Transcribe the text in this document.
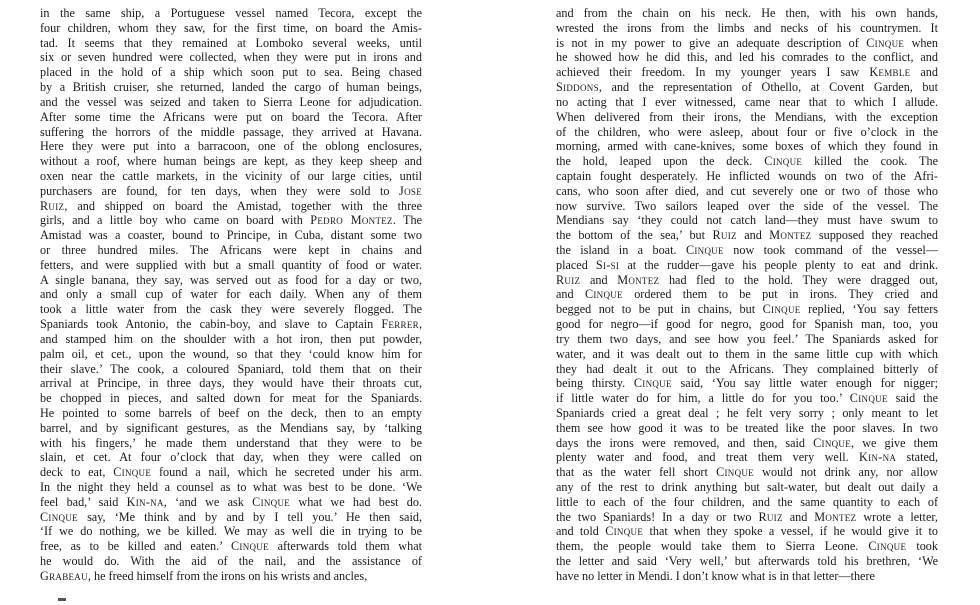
in the same ship, a Portuguese vessel named Tecora, except the
four children, whom they saw, for the first time, on board the Amis-
tad. It seems that they remained at Lomboko several weeks, until
six or seven hundred were collected, when they were put in irons and
placed in the hold of a ship which soon put to sea. Being chased
by a British cruiser, she returned, landed the cargo of human beings,
and the vessel was seized and taken to Sierra Leone for adjudication.
After some time the Africans were put on board the Tecora. After
suffering the horrors of the middle passage, they arrived at Havana.
Here they were put into a barracoon, one of the oblong enclosures,
without a roof, where human beings are kept, as they keep sheep and
oxen near the cattle markets, in the vicinity of our large cities, until
purchasers are found, for ten days, when they were sold to Jose
Ruiz, and shipped on board the Amistad, together with the three
girls, and a little boy who came on board with Pedro Montez. The
Amistad was a coaster, bound to Principe, in Cuba, distant some two
or three hundred miles. The Africans were kept in chains and
fetters, and were supplied with but a small quantity of food or water.
A single banana, they say, was served out as food for a day or two,
and only a small cup of water for each daily. When any of them
took a little water from the cask they were severely flogged. The
Spaniards took Antonio, the cabin-boy, and slave to Captain Ferrer,
and stamped him on the shoulder with a hot iron, then put powder,
palm oil, et cet., upon the wound, so that they ‘could know him for
their slave.’ The cook, a coloured Spaniard, told them that on their
arrival at Principe, in three days, they would have their throats cut,
be chopped in pieces, and salted down for meat for the Spaniards.
He pointed to some barrels of beef on the deck, then to an empty
barrel, and by significant gestures, as the Mendians say, by ‘talking
with his fingers,’ he made them understand that they were to be
slain, et cet. At four o’clock that day, when they were called on
deck to eat, Cinque found a nail, which he secreted under his arm.
In the night they held a counsel as to what was best to be done. ‘We
feel bad,’ said Kin-na, ‘and we ask Cinque what we had best do.
Cinque say, ‘Me think and by and by I tell you.’ He then said,
‘If we do nothing, we be killed. We may as well die in trying to be
free, as to be killed and eaten.’ Cinque afterwards told them what
he would do. With the aid of the nail, and the assistance of
Grabeau, he freed himself from the irons on his wrists and ancles,
and from the chain on his neck. He then, with his own hands,
wrested the irons from the limbs and necks of his countrymen. It
is not in my power to give an adequate description of Cinque when
he showed how he did this, and led his comrades to the conflict, and
achieved their freedom. In my younger years I saw Kemble and
Siddons, and the representation of Othello, at Covent Garden, but
no acting that I ever witnessed, came near that to which I allude.
When delivered from their irons, the Mendians, with the exception
of the children, who were asleep, about four or five o’clock in the
morning, armed with cane-knives, some boxes of which they found in
the hold, leaped upon the deck. Cinque killed the cook. The
captain fought desperately. He inflicted wounds on two of the Afri-
cans, who soon after died, and cut severely one or two of those who
now survive. Two sailors leaped over the side of the vessel. The
Mendians say ‘they could not catch land—they must have swum to
the bottom of the sea,’ but Ruiz and Montez supposed they reached
the island in a boat. Cinque now took command of the vessel—
placed Si-si at the rudder—gave his people plenty to eat and drink.
Ruiz and Montez had fled to the hold. They were dragged out,
and Cinque ordered them to be put in irons. They cried and
begged not to be put in chains, but Cinque replied, ‘You say fetters
good for negro—if good for negro, good for Spanish man, too, you
try them two days, and see how you feel.’ The Spaniards asked for
water, and it was dealt out to them in the same little cup with which
they had dealt it out to the Africans. They complained bitterly of
being thirsty. Cinque said, ‘You say little water enough for nigger;
if little water do for him, a little do for you too.’ Cinque said the
Spaniards cried a great deal ; he felt very sorry ; only meant to let
them see how good it was to be treated like the poor slaves. In two
days the irons were removed, and then, said Cinque, we give them
plenty water and food, and treat them very well. Kin-na stated,
that as the water fell short Cinque would not drink any, nor allow
any of the rest to drink anything but salt-water, but dealt out daily a
little to each of the four children, and the same quantity to each of
the two Spaniards! In a day or two Ruiz and Montez wrote a letter,
and told Cinque that when they spoke a vessel, if he would give it to
them, the people would take them to Sierra Leone. Cinque took
the letter and said ‘Very well,’ but afterwards told his brethren, ‘We
have no letter in Mendi. I don’t know what is in that letter—there
